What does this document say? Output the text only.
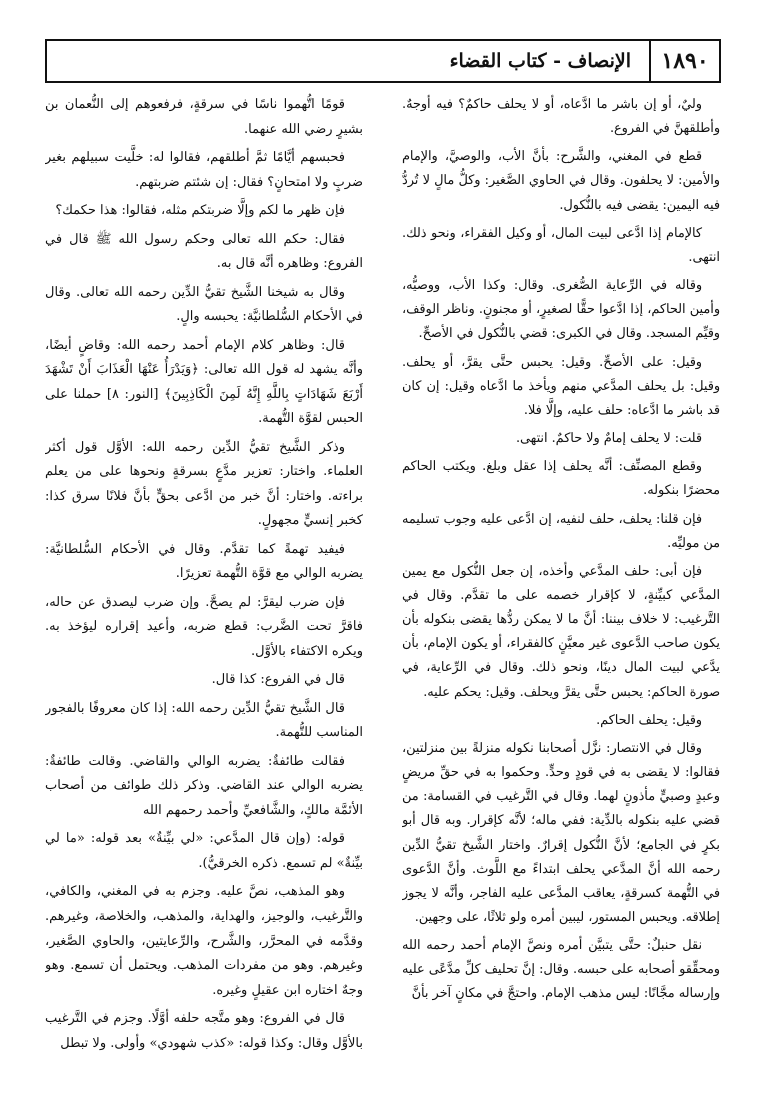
١٨٩٠
الإنصاف - كتاب القضاء

وليٌ، أو إن باشر ما ادَّعاه، أو لا يحلف حاكمٌ؟ فيه أوجهٌ. وأطلقهنَّ في الفروع.

قطع في المغني، والشَّرح: بأنَّ الأب، والوصيَّ، والإمام والأمين: لا يحلفون. وقال في الحاوي الصَّغير: وكلُّ مالٍ لا تُردُّ فيه اليمين: يقضى فيه بالنُّكول.

كالإمام إذا ادَّعى لبيت المال، أو وكيل الفقراء، ونحو ذلك. انتهى.

وقاله في الرِّعاية الصُّغرى. وقال: وكذا الأب، ووصيُّه، وأمين الحاكم، إذا ادَّعوا حقًّا لصغيرٍ، أو مجنونٍ. وناظر الوقف، وقيِّم المسجد. وقال في الكبرى: قضي بالنُّكول في الأصحِّ.

وقيل: على الأصحِّ. وقيل: يحبس حتَّى يقرَّ، أو يحلف. وقيل: بل يحلف المدَّعي منهم ويأخذ ما ادَّعاه وقيل: إن كان قد باشر ما ادَّعاه: حلف عليه، وإلَّا فلا.

قلت: لا يحلف إمامٌ ولا حاكمٌ. انتهى.

وقطع المصنِّف: أنَّه يحلف إذا عقل وبلغ. ويكتب الحاكم محضرًا بنكوله.

فإن قلنا: يحلف، حلف لنفيه، إن ادَّعى عليه وجوب تسليمه من موليِّه.

فإن أبى: حلف المدَّعي وأخذه، إن جعل النُّكول مع يمين المدَّعي كبيِّنةٍ، لا كإقرار خصمه على ما تقدَّم. وقال في التَّرغيب: لا خلاف بيننا: أنَّ ما لا يمكن ردُّها يقضى بنكوله بأن يكون صاحب الدَّعوى غير معيَّنٍ كالفقراء، أو يكون الإمام، بأن يدَّعي لبيت المال دينًا، ونحو ذلك. وقال في الرِّعاية، في صورة الحاكم: يحبس حتَّى يقرَّ ويحلف. وقيل: يحكم عليه.

وقيل: يحلف الحاكم.

وقال في الانتصار: نزَّل أصحابنا نكوله منزلةً بين منزلتين، فقالوا: لا يقضى به في قودٍ وحدٍّ. وحكموا به في حقِّ مريضٍ وعبدٍ وصبيٍّ مأذونٍ لهما. وقال في التَّرغيب في القسامة: من قضي عليه بنكوله بالدِّية: ففي ماله؛ لأنَّه كإقرار. وبه قال أبو بكرٍ في الجامع؛ لأنَّ النُّكول إقرارٌ. واختار الشَّيخ تقيُّ الدِّين رحمه الله أنَّ المدَّعي يحلف ابتداءً مع اللَّوث. وأنَّ الدَّعوى في التُّهمة كسرقةٍ، يعاقب المدَّعى عليه الفاجر، وأنَّه لا يجوز إطلاقه. ويحبس المستور، ليبين أمره ولو ثلاثًا، على وجهين.

نقل حنبلٌ: حتَّى يتبيَّن أمره ونصَّ الإمام أحمد رحمه الله ومحقِّقو أصحابه على حبسه. وقال: إنَّ تحليف كلِّ مدَّعًى عليه وإرساله مجَّانًا: ليس مذهب الإمام. واحتجَّ في مكانٍ آخر بأنَّ

قومًا اتُّهموا ناسًا في سرقةٍ، فرفعوهم إلى النُّعمان بن بشيرٍ رضي الله عنهما.

فحبسهم أيَّامًا ثمَّ أطلقهم، فقالوا له: خلَّيت سبيلهم بغير ضربٍ ولا امتحانٍ؟ فقال: إن شئتم ضربتهم.

فإن ظهر ما لكم وإلَّا ضربتكم مثله، فقالوا: هذا حكمك؟

فقال: حكم الله تعالى وحكم رسول الله ﷺ قال في الفروع: وظاهره أنَّه قال به.

وقال به شيخنا الشَّيخ تقيُّ الدِّين رحمه الله تعالى. وقال في الأحكام السُّلطانيَّة: يحبسه والٍ.

قال: وظاهر كلام الإمام أحمد رحمه الله: وقاضٍ أيضًا، وأنَّه يشهد له قول الله تعالى: ﴿وَيَدْرَأُ عَنْهَا الْعَذَابَ أَنْ تَشْهَدَ أَرْبَعَ شَهَادَاتٍ بِاللَّهِ إِنَّهُ لَمِنَ الْكَاذِبِينَ﴾ [النور: ٨] حملنا على الحبس لقوَّة التُّهمة.

وذكر الشَّيخ تقيُّ الدِّين رحمه الله: الأوَّل قول أكثر العلماء. واختار: تعزير مدَّعٍ بسرقةٍ ونحوها على من يعلم براءته. واختار: أنَّ خبر من ادَّعى بحقٍّ بأنَّ فلانًا سرق كذا: كخبر إنسيٍّ مجهولٍ.

فيفيد تهمةً كما تقدَّم. وقال في الأحكام السُّلطانيَّة: يضربه الوالي مع قوَّة التُّهمة تعزيرًا.

فإن ضرب ليقرَّ: لم يصحَّ. وإن ضرب ليصدق عن حاله، فاقرَّ تحت الضَّرب: قطع ضربه، وأعيد إقراره ليؤخذ به. ويكره الاكتفاء بالأوَّل.

قال في الفروع: كذا قال.

قال الشَّيخ تقيُّ الدِّين رحمه الله: إذا كان معروفًا بالفجور المناسب للتُّهمة.

فقالت طائفةٌ: يضربه الوالي والقاضي. وقالت طائفةٌ: يضربه الوالي عند القاضي. وذكر ذلك طوائف من أصحاب الأئمَّة مالكٍ، والشَّافعيِّ وأحمد رحمهم الله

قوله: (وإن قال المدَّعي: «لي بيِّنةٌ» بعد قوله: «ما لي بيِّنةٌ» لم تسمع. ذكره الخرقيُّ).

وهو المذهب، نصَّ عليه. وجزم به في المغني، والكافي، والتَّرغيب، والوجيز، والهداية، والمذهب، والخلاصة، وغيرهم. وقدَّمه في المحرَّر، والشَّرح، والرِّعايتين، والحاوي الصَّغير، وغيرهم. وهو من مفردات المذهب. ويحتمل أن تسمع. وهو وجهٌ اختاره ابن عقيلٍ وغيره.

قال في الفروع: وهو متَّجه حلفه أوَّلًا. وجزم في التَّرغيب بالأوَّل وقال: وكذا قوله: «كذب شهودي» وأولى. ولا تبطل
